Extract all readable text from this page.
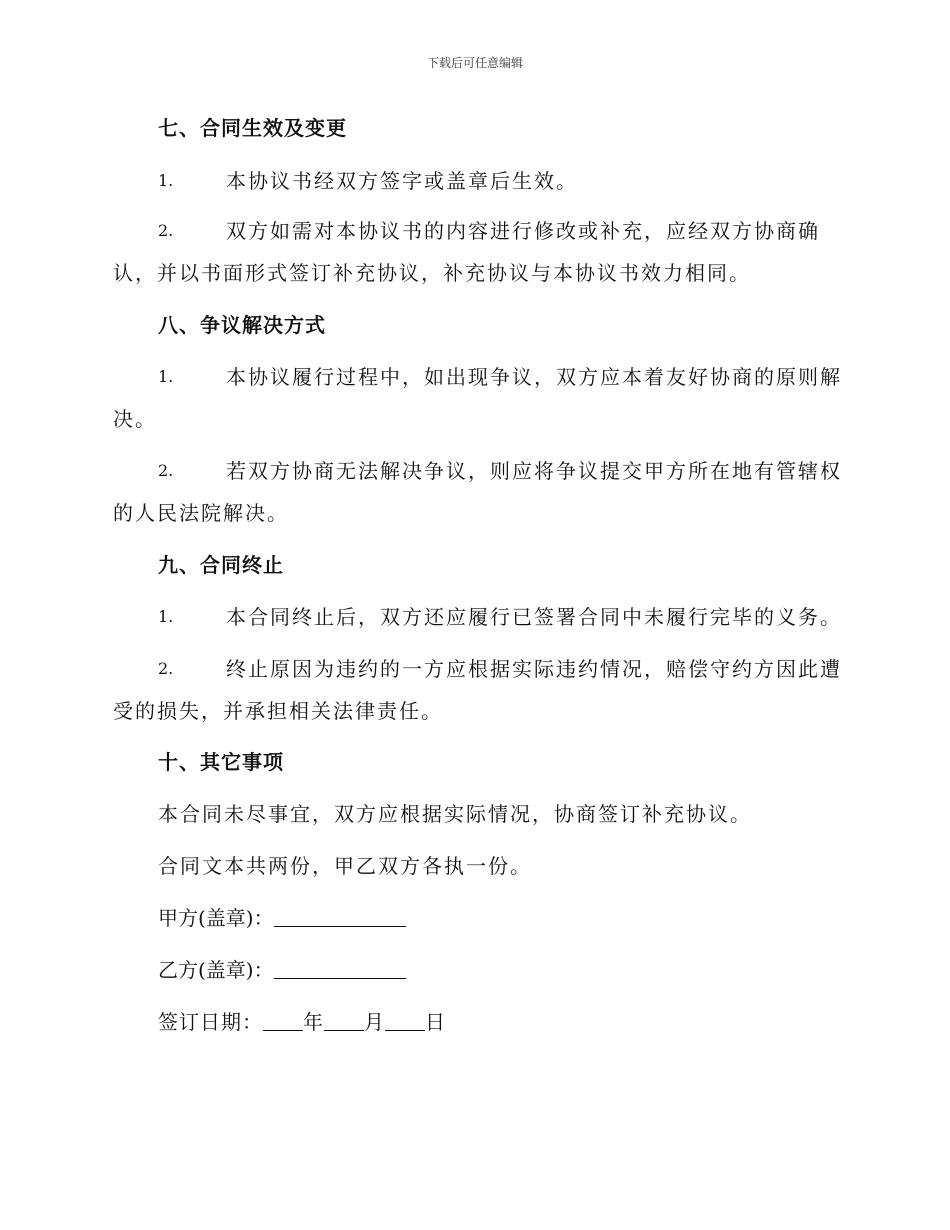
下载后可任意编辑
七、合同生效及变更
1.	本协议书经双方签字或盖章后生效。
2.	双方如需对本协议书的内容进行修改或补充，应经双方协商确
认，并以书面形式签订补充协议，补充协议与本协议书效力相同。
八、争议解决方式
1.	本协议履行过程中，如出现争议，双方应本着友好协商的原则解
决。
2.	若双方协商无法解决争议，则应将争议提交甲方所在地有管辖权
的人民法院解决。
九、合同终止
1.	本合同终止后，双方还应履行已签署合同中未履行完毕的义务。
2.	终止原因为违约的一方应根据实际违约情况，赔偿守约方因此遭
受的损失，并承担相关法律责任。
十、其它事项
本合同未尽事宜，双方应根据实际情况，协商签订补充协议。
合同文本共两份，甲乙双方各执一份。
甲方(盖章)：
乙方(盖章)：
签订日期： 年 月 日
